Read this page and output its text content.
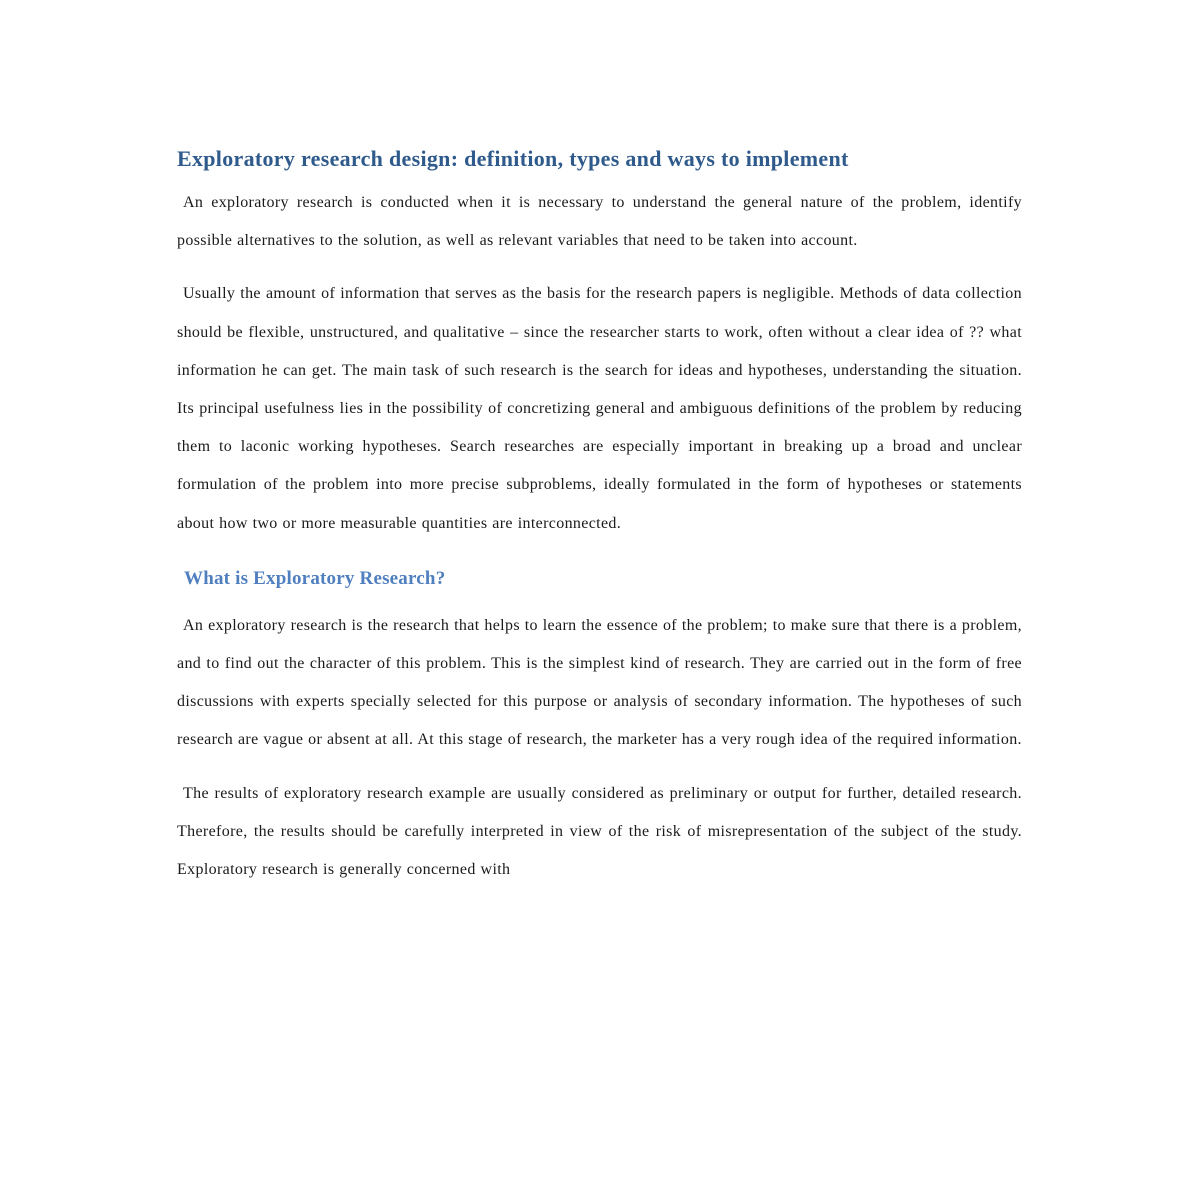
Exploratory research design: definition, types and ways to implement

An exploratory research is conducted when it is necessary to understand the general nature of the problem, identify possible alternatives to the solution, as well as relevant variables that need to be taken into account.

Usually the amount of information that serves as the basis for the research papers is negligible. Methods of data collection should be flexible, unstructured, and qualitative – since the researcher starts to work, often without a clear idea of ?? what information he can get. The main task of such research is the search for ideas and hypotheses, understanding the situation. Its principal usefulness lies in the possibility of concretizing general and ambiguous definitions of the problem by reducing them to laconic working hypotheses. Search researches are especially important in breaking up a broad and unclear formulation of the problem into more precise subproblems, ideally formulated in the form of hypotheses or statements about how two or more measurable quantities are interconnected.

What is Exploratory Research?

An exploratory research is the research that helps to learn the essence of the problem; to make sure that there is a problem, and to find out the character of this problem. This is the simplest kind of research. They are carried out in the form of free discussions with experts specially selected for this purpose or analysis of secondary information. The hypotheses of such research are vague or absent at all. At this stage of research, the marketer has a very rough idea of the required information.

The results of exploratory research example are usually considered as preliminary or output for further, detailed research. Therefore, the results should be carefully interpreted in view of the risk of misrepresentation of the subject of the study. Exploratory research is generally concerned with
